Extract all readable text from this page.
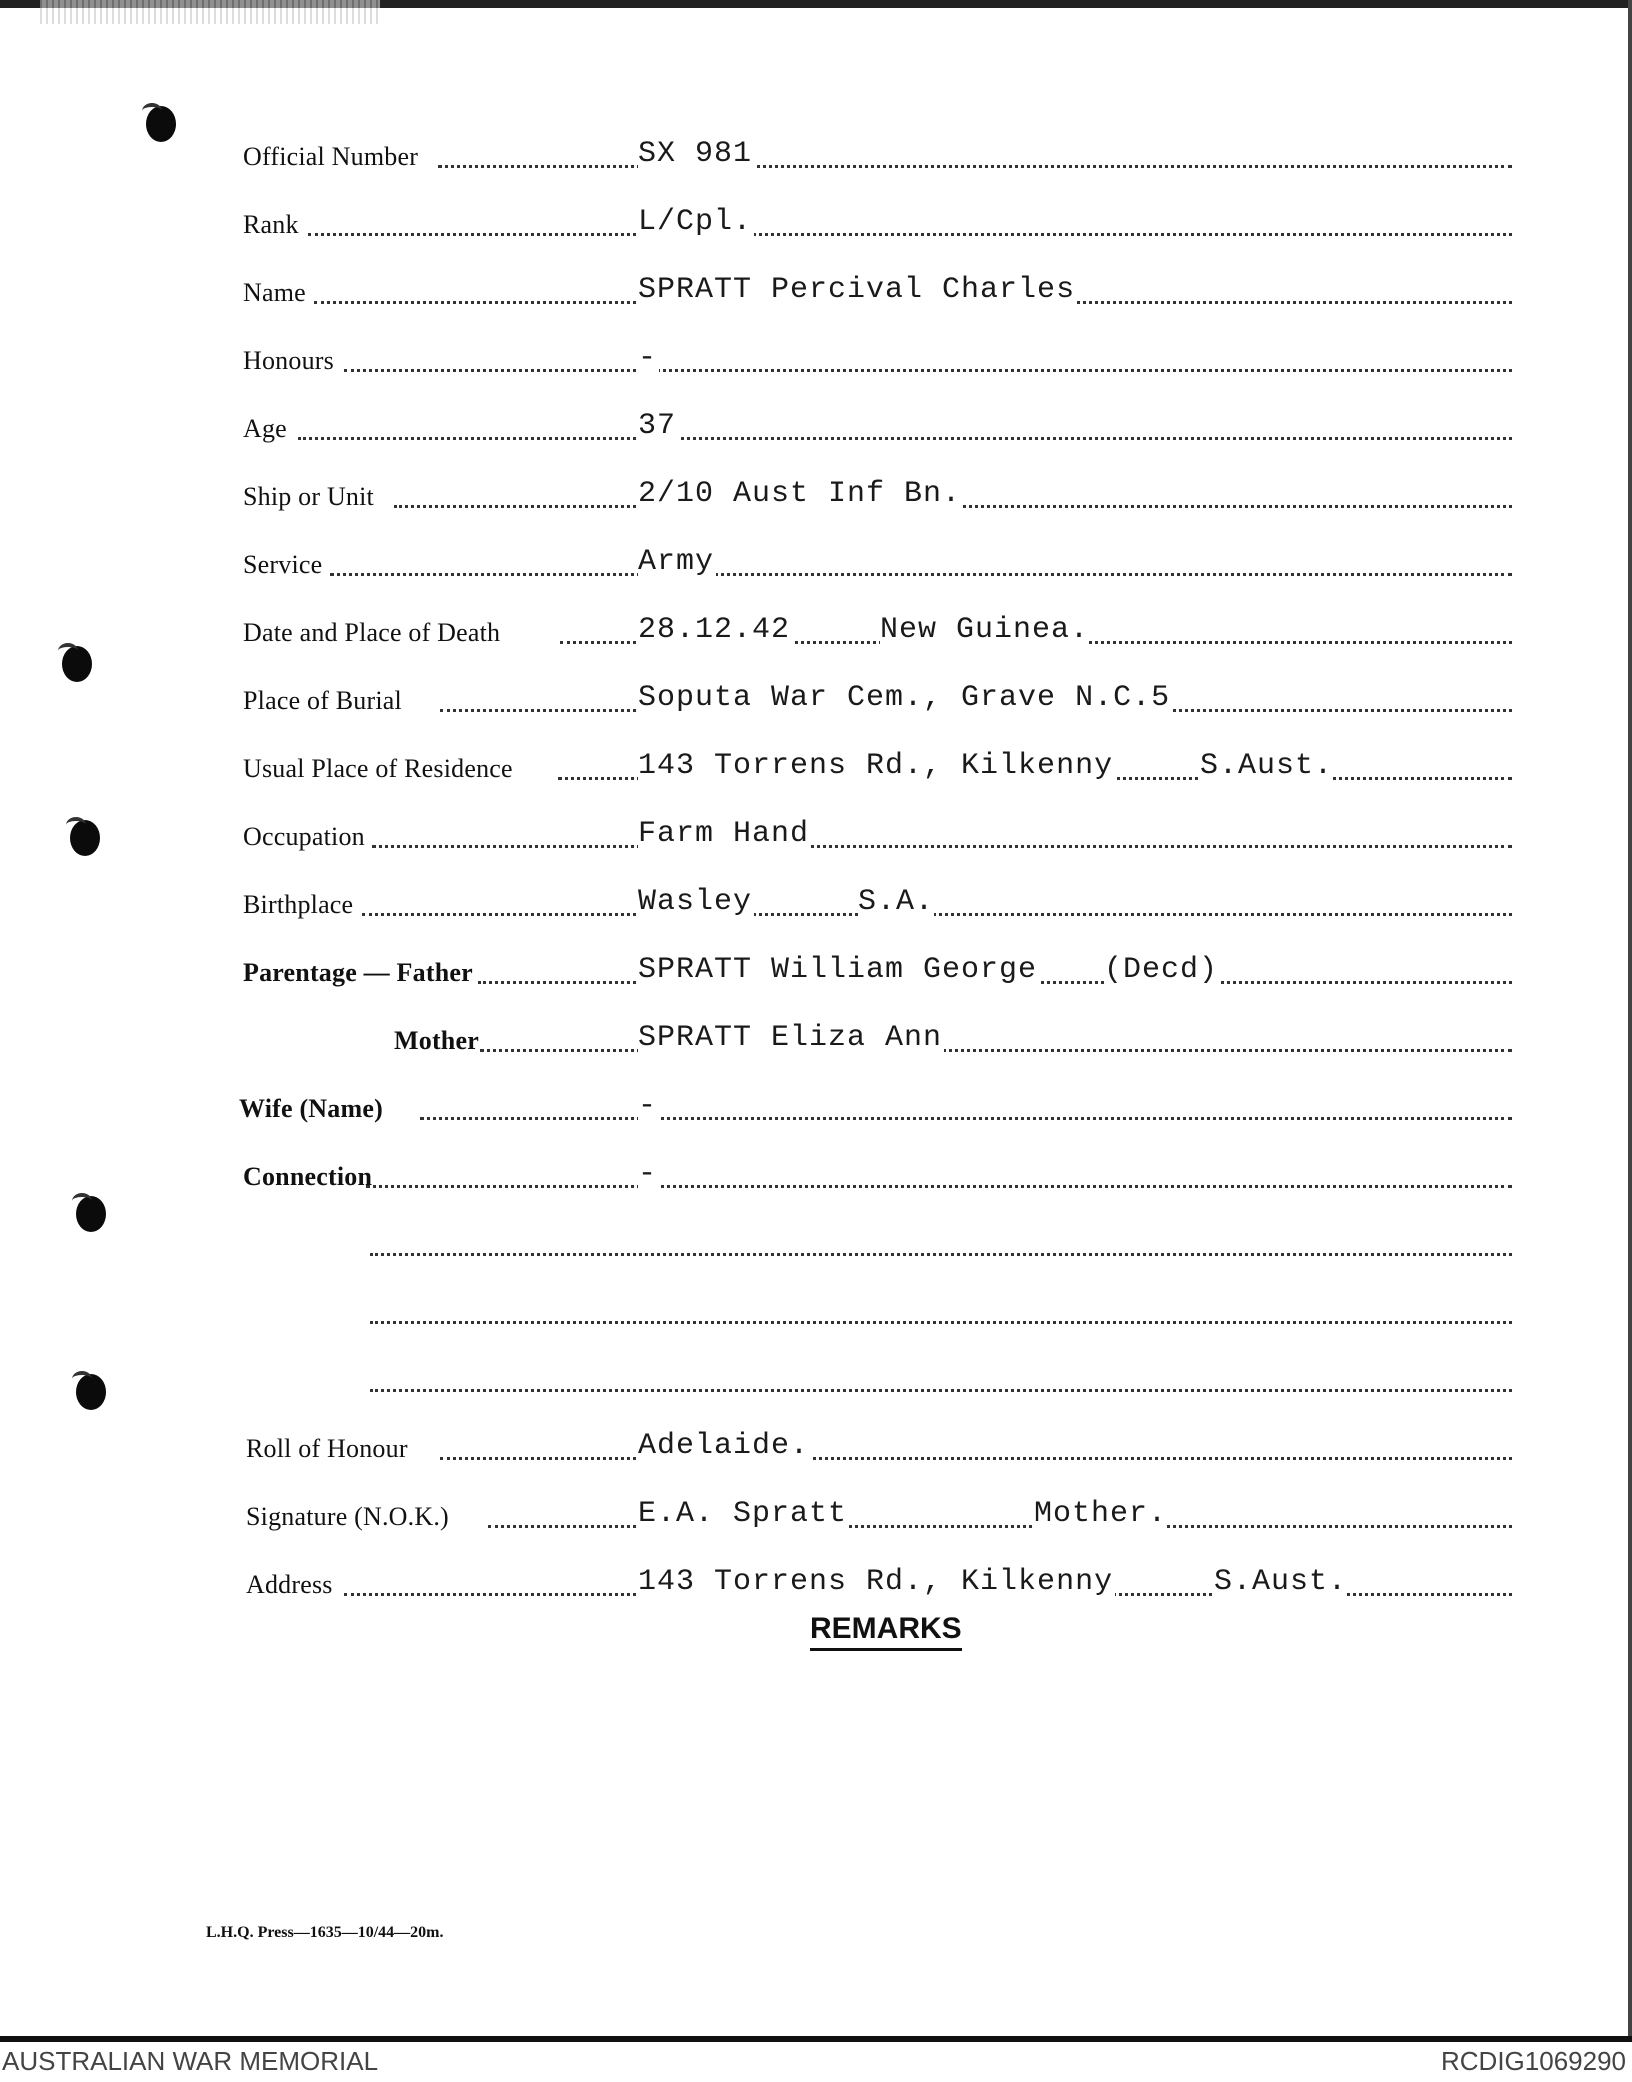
Official Number	SX 981
Rank	L/Cpl.
Name	SPRATT Percival Charles
Honours	-
Age	37
Ship or Unit	2/10 Aust Inf Bn.
Service	Army
Date and Place of Death	28.12.42	New Guinea.
Place of Burial	Soputa War Cem., Grave N.C.5
Usual Place of Residence	143 Torrens Rd., Kilkenny	S.Aust.
Occupation	Farm Hand
Birthplace	Wasley	S.A.
Parentage — Father	SPRATT William George (Decd)
Mother	SPRATT Eliza Ann
Wife (Name)	-
Connection	-
Roll of Honour	Adelaide.
Signature (N.O.K.)	E.A. Spratt	Mother.
Address	143 Torrens Rd., Kilkenny	S.Aust.
REMARKS
L.H.Q. Press—1635—10/44—20m.
AUSTRALIAN WAR MEMORIAL	RCDIG1069290
